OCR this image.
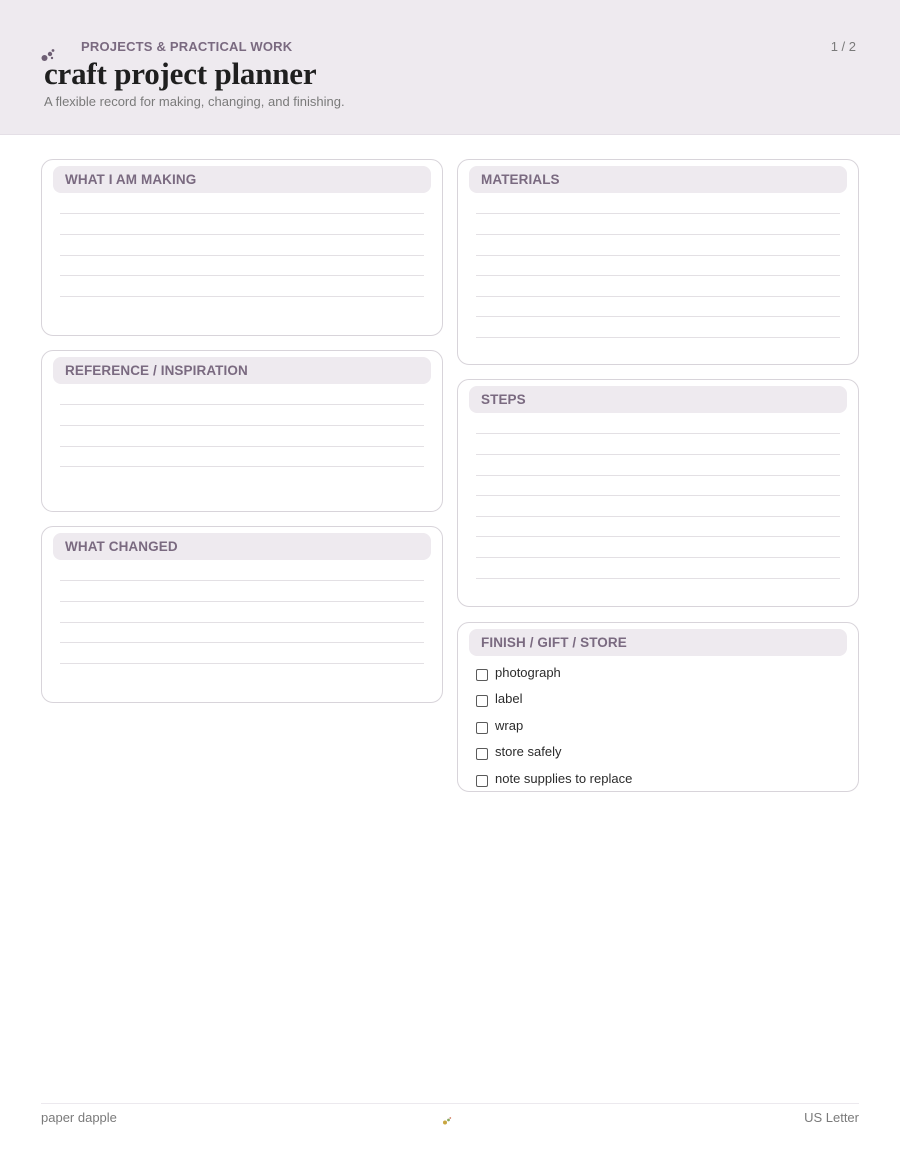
PROJECTS & PRACTICAL WORK	1 / 2
craft project planner
A flexible record for making, changing, and finishing.
WHAT I AM MAKING
REFERENCE / INSPIRATION
WHAT CHANGED
MATERIALS
STEPS
FINISH / GIFT / STORE
photograph
label
wrap
store safely
note supplies to replace
paper dapple	US Letter
